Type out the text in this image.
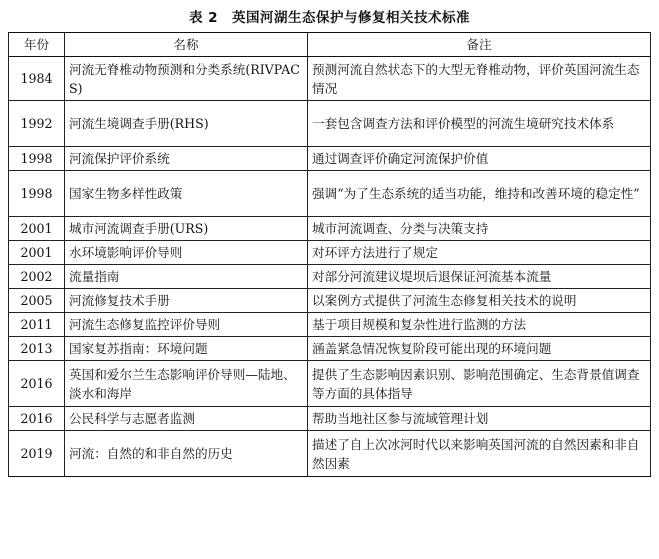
表 2　英国河湖生态保护与修复相关技术标准
年份	名称	备注
1984	河流无脊椎动物预测和分类系统(RIVPACS)	预测河流自然状态下的大型无脊椎动物，评价英国河流生态情况
1992	河流生境调查手册(RHS)	一套包含调查方法和评价模型的河流生境研究技术体系
1998	河流保护评价系统	通过调查评价确定河流保护价值
1998	国家生物多样性政策	强调“为了生态系统的适当功能，维持和改善环境的稳定性”
2001	城市河流调查手册(URS)	城市河流调查、分类与决策支持
2001	水环境影响评价导则	对环评方法进行了规定
2002	流量指南	对部分河流建议堤坝后退保证河流基本流量
2005	河流修复技术手册	以案例方式提供了河流生态修复相关技术的说明
2011	河流生态修复监控评价导则	基于项目规模和复杂性进行监测的方法
2013	国家复苏指南：环境问题	涵盖紧急情况恢复阶段可能出现的环境问题
2016	英国和爱尔兰生态影响评价导则—陆地、淡水和海岸	提供了生态影响因素识别、影响范围确定、生态背景值调查等方面的具体指导
2016	公民科学与志愿者监测	帮助当地社区参与流域管理计划
2019	河流：自然的和非自然的历史	描述了自上次冰河时代以来影响英国河流的自然因素和非自然因素
